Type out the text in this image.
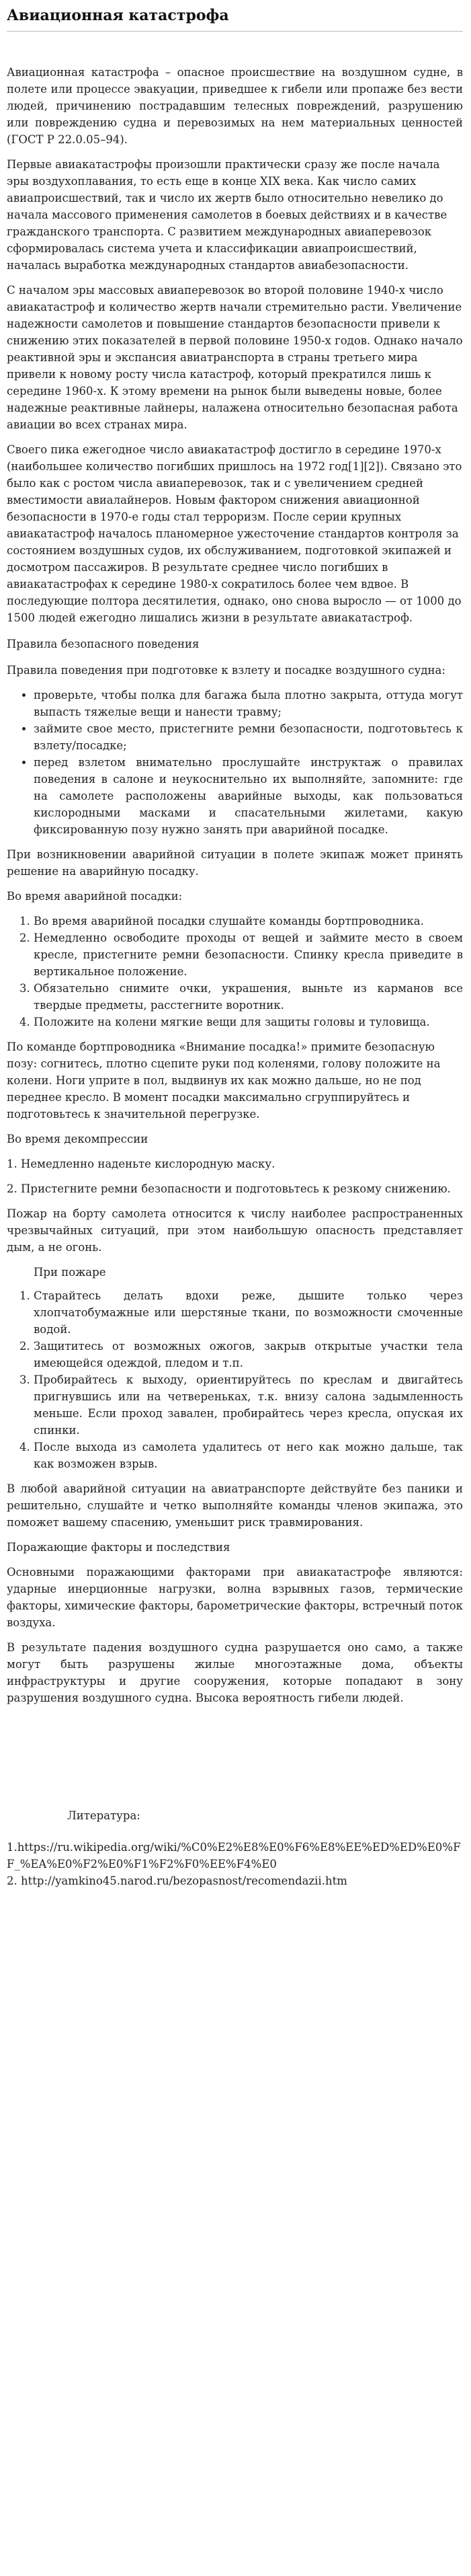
Авиационная катастрофа

Авиационная катастрофа – опасное происшествие на воздушном судне, в полете или процессе эвакуации, приведшее к гибели или пропаже без вести людей, причинению пострадавшим телесных повреждений, разрушению или повреждению судна и перевозимых на нем материальных ценностей (ГОСТ Р 22.0.05–94).

Первые авиакатастрофы произошли практически сразу же после начала эры воздухоплавания, то есть еще в конце XIX века. Как число самих авиапроисшествий, так и число их жертв было относительно невелико до начала массового применения самолетов в боевых действиях и в качестве гражданского транспорта. С развитием международных авиаперевозок сформировалась система учета и классификации авиапроисшествий, началась выработка международных стандартов авиабезопасности.

С началом эры массовых авиаперевозок во второй половине 1940-х число авиакатастроф и количество жертв начали стремительно расти. Увеличение надежности самолетов и повышение стандартов безопасности привели к снижению этих показателей в первой половине 1950-х годов. Однако начало реактивной эры и экспансия авиатранспорта в страны третьего мира привели к новому росту числа катастроф, который прекратился лишь к середине 1960-х. К этому времени на рынок были выведены новые, более надежные реактивные лайнеры, налажена относительно безопасная работа авиации во всех странах мира.

Своего пика ежегодное число авиакатастроф достигло в середине 1970-х (наибольшее количество погибших пришлось на 1972 год[1][2]). Связано это было как с ростом числа авиаперевозок, так и с увеличением средней вместимости авиалайнеров. Новым фактором снижения авиационной безопасности в 1970-е годы стал терроризм. После серии крупных авиакатастроф началось планомерное ужесточение стандартов контроля за состоянием воздушных судов, их обслуживанием, подготовкой экипажей и досмотром пассажиров. В результате среднее число погибших в авиакатастрофах к середине 1980-х сократилось более чем вдвое. В последующие полтора десятилетия, однако, оно снова выросло — от 1000 до 1500 людей ежегодно лишались жизни в результате авиакатастроф.

Правила безопасного поведения

Правила поведения при подготовке к взлету и посадке воздушного судна:

• проверьте, чтобы полка для багажа была плотно закрыта, оттуда могут выпасть тяжелые вещи и нанести травму;
• займите свое место, пристегните ремни безопасности, подготовьтесь к взлету/посадке;
• перед взлетом внимательно прослушайте инструктаж о правилах поведения в салоне и неукоснительно их выполняйте, запомните: где на самолете расположены аварийные выходы, как пользоваться кислородными масками и спасательными жилетами, какую фиксированную позу нужно занять при аварийной посадке.

При возникновении аварийной ситуации в полете экипаж может принять решение на аварийную посадку.

Во время аварийной посадки:

1. Во время аварийной посадки слушайте команды бортпроводника.
2. Немедленно освободите проходы от вещей и займите место в своем кресле, пристегните ремни безопасности. Спинку кресла приведите в вертикальное положение.
3. Обязательно снимите очки, украшения, выньте из карманов все твердые предметы, расстегните воротник.
4. Положите на колени мягкие вещи для защиты головы и туловища.

По команде бортпроводника «Внимание посадка!» примите безопасную позу: согнитесь, плотно сцепите руки под коленями, голову положите на колени. Ноги уприте в пол, выдвинув их как можно дальше, но не под переднее кресло. В момент посадки максимально сгруппируйтесь и подготовьтесь к значительной перегрузке.

Во время декомпрессии

1. Немедленно наденьте кислородную маску.

2. Пристегните ремни безопасности и подготовьтесь к резкому снижению.

Пожар на борту самолета относится к числу наиболее распространенных чрезвычайных ситуаций, при этом наибольшую опасность представляет дым, а не огонь.

При пожаре

1. Старайтесь делать вдохи реже, дышите только через хлопчатобумажные или шерстяные ткани, по возможности смоченные водой.
2. Защититесь от возможных ожогов, закрыв открытые участки тела имеющейся одеждой, пледом и т.п.
3. Пробирайтесь к выходу, ориентируйтесь по креслам и двигайтесь пригнувшись или на четвереньках, т.к. внизу салона задымленность меньше. Если проход завален, пробирайтесь через кресла, опуская их спинки.
4. После выхода из самолета удалитесь от него как можно дальше, так как возможен взрыв.

В любой аварийной ситуации на авиатранспорте действуйте без паники и решительно, слушайте и четко выполняйте команды членов экипажа, это поможет вашему спасению, уменьшит риск травмирования.

Поражающие факторы и последствия

Основными поражающими факторами при авиакатастрофе являются: ударные инерционные нагрузки, волна взрывных газов, термические факторы, химические факторы, барометрические факторы, встречный поток воздуха.

В результате падения воздушного судна разрушается оно само, а также могут быть разрушены жилые многоэтажные дома, объекты инфраструктуры и другие сооружения, которые попадают в зону разрушения воздушного судна. Высока вероятность гибели людей.

Литература:

1.https://ru.wikipedia.org/wiki/%C0%E2%E8%E0%F6%E8%EE%ED%ED%E0%FF_%EA%E0%F2%E0%F1%F2%F0%EE%F4%E0
2. http://yamkino45.narod.ru/bezopasnost/recomendazii.htm
